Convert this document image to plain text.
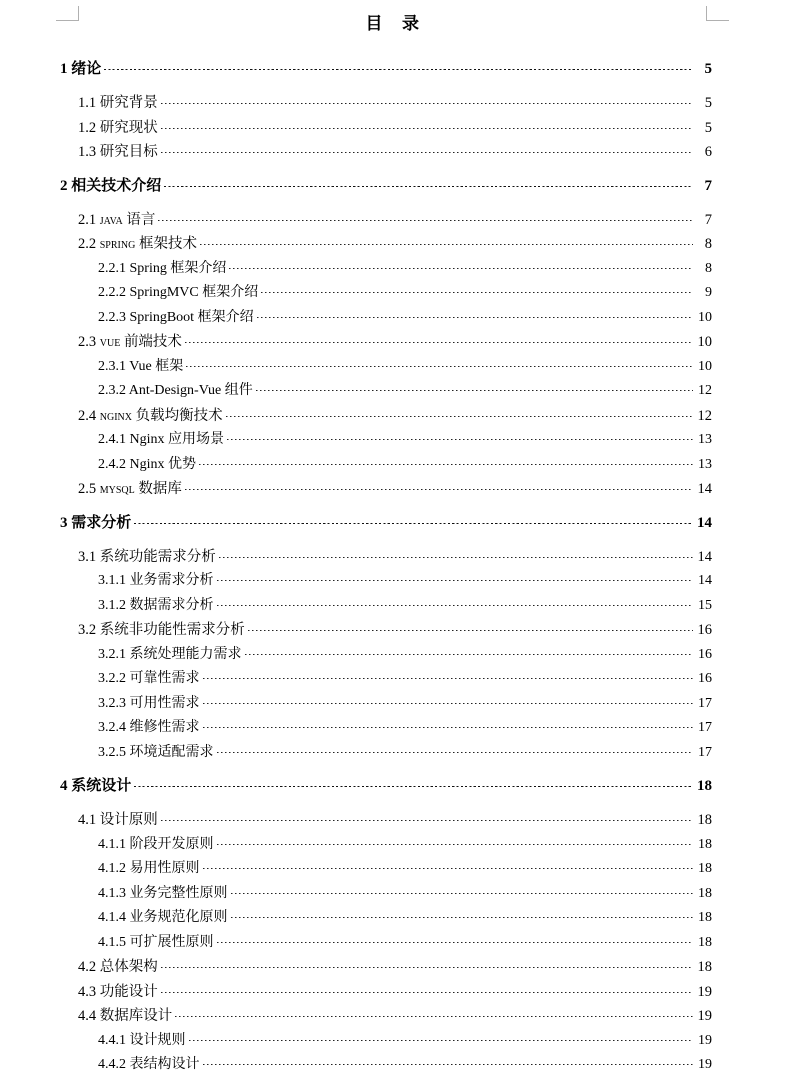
目    录
1 绪论	5
1.1 研究背景	5
1.2 研究现状	5
1.3 研究目标	6
2 相关技术介绍	7
2.1 java 语言	7
2.2 spring 框架技术	8
2.2.1 Spring 框架介绍	8
2.2.2 SpringMVC 框架介绍	9
2.2.3 SpringBoot 框架介绍	10
2.3 vue 前端技术	10
2.3.1 Vue 框架	10
2.3.2 Ant-Design-Vue 组件	12
2.4 nginx 负载均衡技术	12
2.4.1 Nginx 应用场景	13
2.4.2 Nginx 优势	13
2.5 mysql 数据库	14
3 需求分析	14
3.1 系统功能需求分析	14
3.1.1 业务需求分析	14
3.1.2 数据需求分析	15
3.2 系统非功能性需求分析	16
3.2.1 系统处理能力需求	16
3.2.2 可靠性需求	16
3.2.3 可用性需求	17
3.2.4 维修性需求	17
3.2.5 环境适配需求	17
4 系统设计	18
4.1 设计原则	18
4.1.1 阶段开发原则	18
4.1.2 易用性原则	18
4.1.3 业务完整性原则	18
4.1.4 业务规范化原则	18
4.1.5 可扩展性原则	18
4.2 总体架构	18
4.3 功能设计	19
4.4 数据库设计	19
4.4.1 设计规则	19
4.4.2 表结构设计	19
